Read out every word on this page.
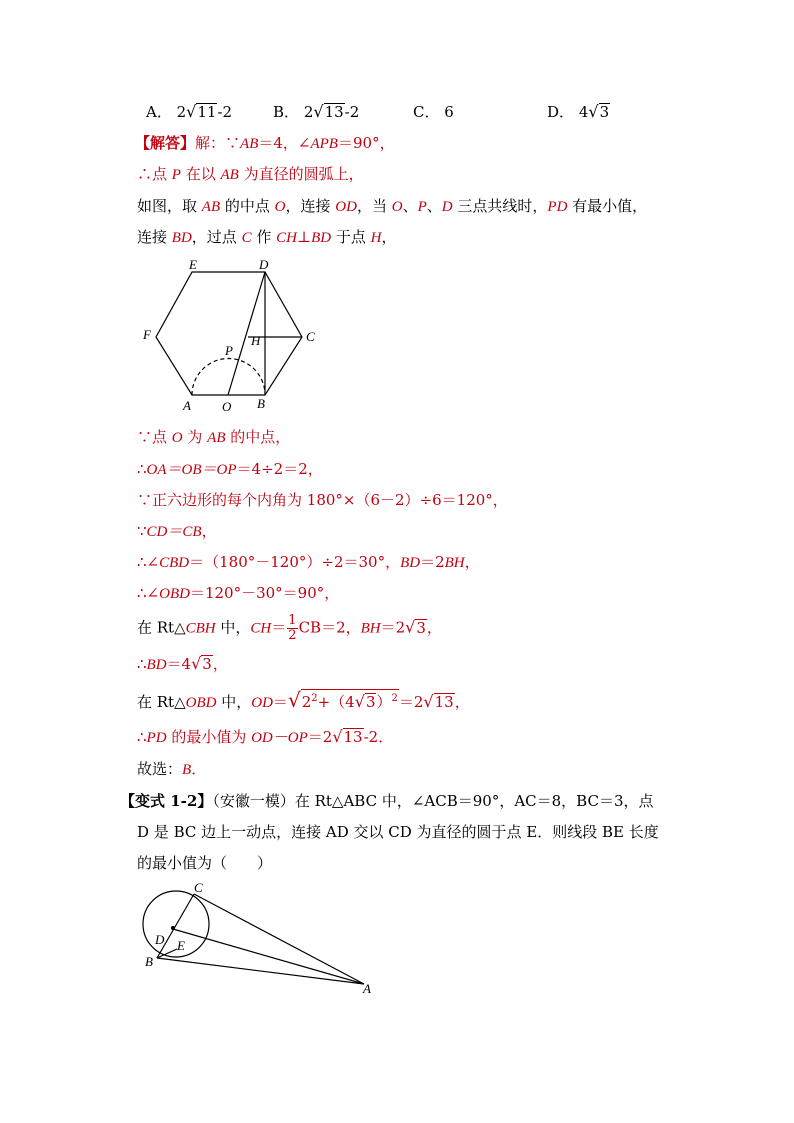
A． 2√11-2	B． 2√13-2	C． 6	D． 4√3
【解答】解：∵AB＝4，∠APB＝90°，
∴点 P 在以 AB 为直径的圆弧上，
如图，取 AB 的中点 O，连接 OD，当 O、P、D 三点共线时，PD 有最小值，
连接 BD，过点 C 作 CH⊥BD 于点 H，
E	D
F	C
P
H
A O B
∵点 O 为 AB 的中点，
∴OA＝OB＝OP＝4÷2＝2，
∵正六边形的每个内角为 180°×（6－2）÷6＝120°，
∵CD＝CB，
∴∠CBD＝（180°－120°）÷2＝30°，BD＝2BH，
∴∠OBD＝120°－30°＝90°，
在 Rt△CBH 中，$CH= \frac{1}{2} CB=2$，BH＝2√3，
∴BD＝4√3，
在 Rt△OBD 中，$OD=√2^2+(4√3)^2=2√13$，
∴PD 的最小值为 OD－OP＝2√13-2．
故选：B．
【变式 1-2】（安徽一模）在 Rt△ABC 中，∠ACB＝90°，AC＝8，BC＝3，点
D 是 BC 边上一动点，连接 AD 交以 CD 为直径的圆于点 E．则线段 BE 长度
的最小值为（　　）
C
D E
B
A
